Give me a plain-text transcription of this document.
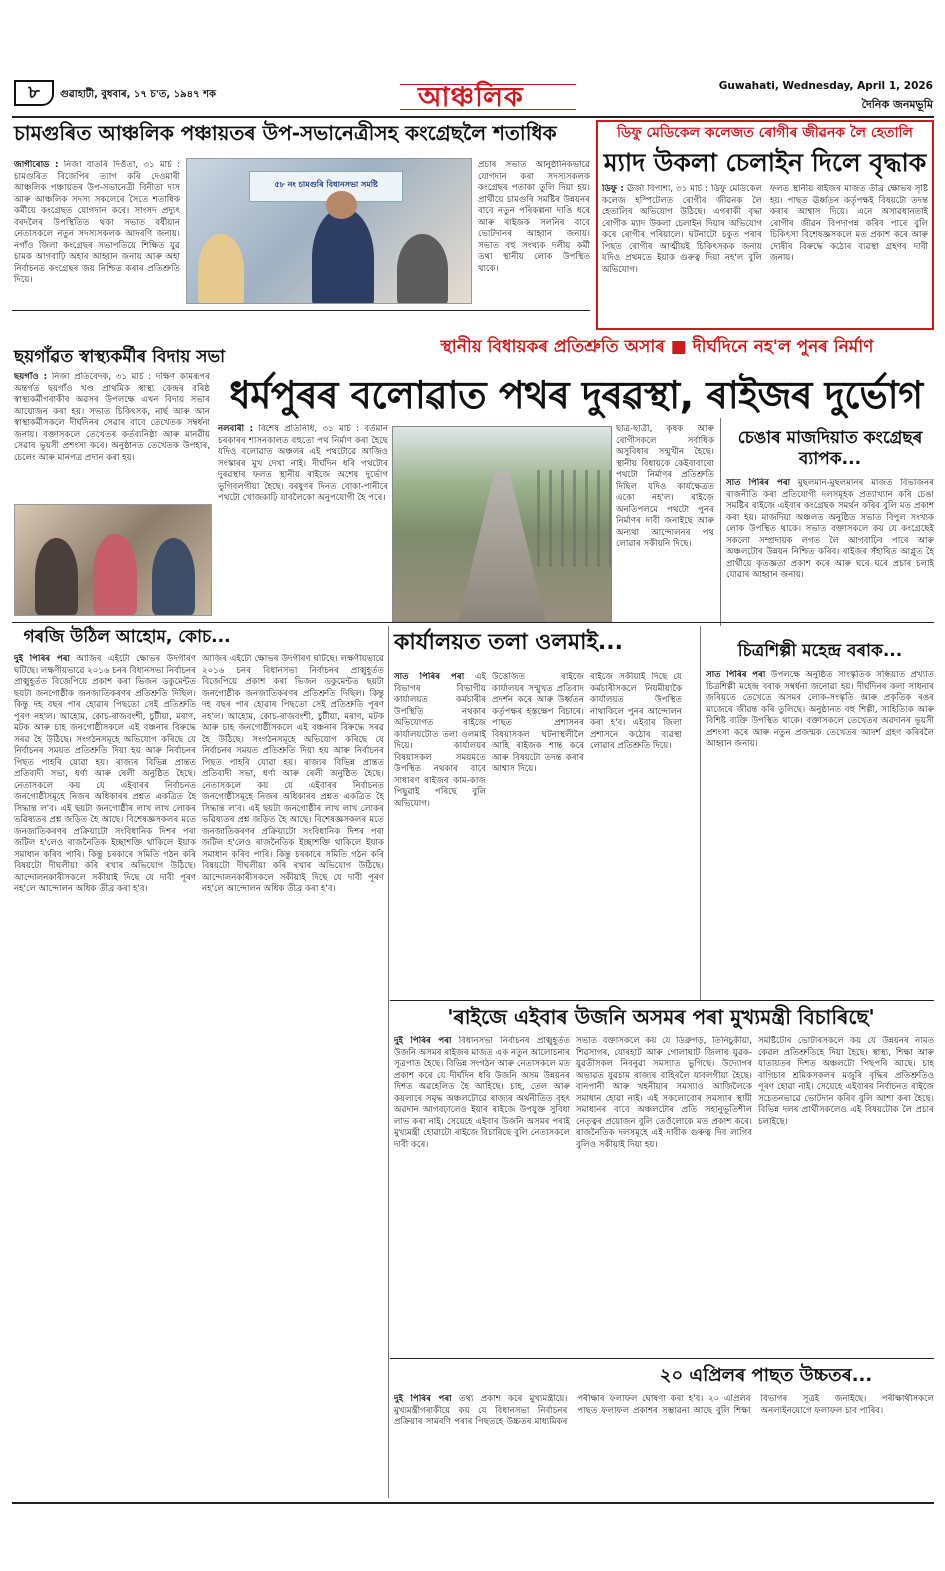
৮	গুৱাহাটী, বুধবাৰ, ১৭ চ'ত, ১৯৪৭ শক	আঞ্চলিক	Guwahati, Wednesday, April 1, 2026
দৈনিক জনমভূমি
চামগুৰিত আঞ্চলিক পঞ্চায়তৰ উপ-সভানেত্ৰীসহ কংগ্ৰেছলৈ শতাধিক
জাগীৰোড : নিজা বাতৰি দিওঁতা, ৩১ মাৰ্চ : চামগুৰিত বিজেপিৰ ত্যাগ কৰি দেওমাৰী আঞ্চলিক পঞ্চায়তৰ উপ-সভানেত্ৰী বিনীতা দাস আৰু আঞ্চলিক সদস্য সকলেৰে সৈতে শতাধিক কৰ্মীয়ে কংগ্ৰেছত যোগদান কৰে। সাংসদ প্ৰদ্যুৎ বৰদলৈৰ উপস্থিতিত থকা সভাত বৰ্ষীয়ান নেতাসকলে নতুন সদস্যসকলক আদৰণি জনায়। নগাঁও জিলা কংগ্ৰেছৰ সভাপতিয়ে শিক্ষিত যুৱ চামক আগবাঢ়ি অহাৰ আহ্বান জনায় আৰু অহা নিৰ্বাচনত কংগ্ৰেছৰ জয় নিশ্চিত কৰাৰ প্ৰতিশ্ৰুতি দিয়ে।
৫৮ নং চামগুৰি বিধানসভা সমষ্টি
প্ৰচাৰ সভাত আনুষ্ঠানিকভাৱে যোগদান কৰা সদস্যসকলক কংগ্ৰেছৰ পতাকা তুলি দিয়া হয়। প্ৰাৰ্থীয়ে চামগুৰি সমষ্টিৰ উন্নয়নৰ বাবে নতুন পৰিকল্পনা দাঙি ধৰে আৰু ৰাইজক সলনিৰ বাবে ভোটদানৰ আহ্বান জনায়। সভাত বহু সংখ্যক দলীয় কৰ্মী তথা স্থানীয় লোক উপস্থিত থাকে।
ডিফু মেডিকেল কলেজত ৰোগীৰ জীৱনক লৈ হেতালি
ম্যাদ উকলা চেলাইন দিলে বৃদ্ধাক
ডিফু : ঊৰ্জা বিপাশা, ৩১ মাৰ্চ : ডিফু মেডিকেল কলেজ হস্পিটেলত ৰোগীৰ জীৱনক লৈ হেতালিৰ অভিযোগ উঠিছে। এগৰাকী বৃদ্ধা ৰোগীক ম্যাদ উকলা চেলাইন দিয়াৰ অভিযোগ কৰে ৰোগীৰ পৰিয়ালে। ঘটনাটো চকুত পৰাৰ পিছত ৰোগীৰ আত্মীয়ই চিকিৎসকক জনায় যদিও প্ৰথমতে ইয়াক গুৰুত্ব দিয়া নহ'ল বুলি অভিযোগ।
ফলত স্থানীয় ৰাইজৰ মাজত তীব্ৰ ক্ষোভৰ সৃষ্টি হয়। পাছত ঊৰ্ধ্বতন কৰ্তৃপক্ষই বিষয়টো তদন্ত কৰাৰ আশ্বাস দিয়ে। এনে অসাৱধানতাই ৰোগীৰ জীৱন বিপদাপন্ন কৰিব পাৰে বুলি চিকিৎসা বিশেষজ্ঞসকলে মত প্ৰকাশ কৰে আৰু দোষীৰ বিৰুদ্ধে কঠোৰ ব্যৱস্থা গ্ৰহণৰ দাবী জনায়।
স্থানীয় বিধায়কৰ প্ৰতিশ্ৰুতি অসাৰ ■ দীৰ্ঘদিনে নহ'ল পুনৰ নিৰ্মাণ
ধৰ্মপুৰৰ বলোৱাত পথৰ দুৰৱস্থা, ৰাইজৰ দুৰ্ভোগ
নলবাৰী : বিশেষ প্ৰতিনিধি, ৩১ মাৰ্চ : বৰ্তমান চৰকাৰৰ শাসনকালত বহুতো পথ নিৰ্মাণ কৰা হৈছে যদিও বলোৱাত অঞ্চলৰ এই পথটোৱে আজিও সংস্কাৰৰ মুখ দেখা নাই। দীৰ্ঘদিন ধৰি পথটোৰ দুৰৱস্থাৰ ফলত স্থানীয় ৰাইজে অশেষ দুৰ্ভোগ ভুগিবলগীয়া হৈছে। বৰষুণৰ দিনত বোকা-পানীৰে পথটো খোজকাঢ়ি যাবলৈকো অনুপযোগী হৈ পৰে।
ছাত্ৰ-ছাত্ৰী, কৃষক আৰু ৰোগীসকলে সৰ্বাধিক অসুবিধাৰ সন্মুখীন হৈছে। স্থানীয় বিধায়কে কেইবাবাৰো পথটো নিৰ্মাণৰ প্ৰতিশ্ৰুতি দিছিল যদিও কাৰ্যক্ষেত্ৰত একো নহ'ল। ৰাইজে অনতিপলমে পথটো পুনৰ নিৰ্মাণৰ দাবী জনাইছে আৰু অন্যথা আন্দোলনৰ পথ লোৱাৰ সকীয়নি দিছে।
চেঙাৰ মাজদিয়াত কংগ্ৰেছৰ ব্যাপক...
সাত পিৰিৰ পৰা মুছলমান-মুছলমানৰ মাজত বিভাজনৰ ৰাজনীতি কৰা প্ৰতিযোগী দলসমূহক প্ৰত্যাখ্যান কৰি চেঙা সমষ্টিৰ ৰাইজে এইবাৰ কংগ্ৰেছক সমৰ্থন কৰিব বুলি মত প্ৰকাশ কৰা হয়। মাজদিয়া অঞ্চলত অনুষ্ঠিত সভাত বিপুল সংখ্যক লোক উপস্থিত থাকে। সভাত বক্তাসকলে কয় যে কংগ্ৰেছেই সকলো সম্প্ৰদায়ক লগত লৈ আগবাঢ়িব পাৰে আৰু অঞ্চলটোৰ উন্নয়ন নিশ্চিত কৰিব। ৰাইজৰ সঁহাৰিত আপ্লুত হৈ প্ৰাৰ্থীয়ে কৃতজ্ঞতা প্ৰকাশ কৰে আৰু ঘৰে ঘৰে প্ৰচাৰ চলাই যোৱাৰ আহ্বান জনায়।
ছয়গাঁৱত স্বাস্থ্যকৰ্মীৰ বিদায় সভা
ছয়গাঁও : নিজা প্ৰতিবেদক, ৩১ মাৰ্চ : দক্ষিণ কামৰূপৰ অন্তৰ্গত ছয়গাঁও খণ্ড প্ৰাথমিক স্বাস্থ্য কেন্দ্ৰৰ বৰিষ্ঠ স্বাস্থ্যকৰ্মীগৰাকীৰ অৱসৰ উপলক্ষে এখন বিদায় সভাৰ আয়োজন কৰা হয়। সভাত চিকিৎসক, নাৰ্ছ আৰু আন স্বাস্থ্যকৰ্মীসকলে দীৰ্ঘদিনৰ সেৱাৰ বাবে তেখেতক সম্বৰ্ধনা জনায়। বক্তাসকলে তেখেতৰ কৰ্তব্যনিষ্ঠা আৰু মানৱীয় সেৱাৰ ভূয়সী প্ৰশংসা কৰে। অনুষ্ঠানত তেখেতক উপহাৰ, চেলেং আৰু মানপত্ৰ প্ৰদান কৰা হয়।
গৰজি উঠিল আহোম, কোচ...
দুই পিৰিৰ পৰা আজিৰ এইটো ক্ষোভৰ উদগীৰণ ঘটিছে। লক্ষণীয়ভাৱে ২০১৬ চনৰ বিধানসভা নিৰ্বাচনৰ প্ৰাক্মুহূৰ্তত বিজেপিয়ে প্ৰকাশ কৰা ভিজন ডকুমেন্টত ছয়টা জনগোষ্ঠীক জনজাতিকৰণৰ প্ৰতিশ্ৰুতি দিছিল। কিন্তু দহ বছৰ পাৰ হোৱাৰ পিছতো সেই প্ৰতিশ্ৰুতি পূৰণ নহ'ল। আহোম, কোচ-ৰাজবংশী, চুটীয়া, মৰাণ, মটক আৰু চাহ জনগোষ্ঠীসকলে এই বঞ্চনাৰ বিৰুদ্ধে সৰৱ হৈ উঠিছে। সংগঠনসমূহে অভিযোগ কৰিছে যে নিৰ্বাচনৰ সময়ত প্ৰতিশ্ৰুতি দিয়া হয় আৰু নিৰ্বাচনৰ পিছত পাহৰি যোৱা হয়। ৰাজ্যৰ বিভিন্ন প্ৰান্তত প্ৰতিবাদী সভা, ধৰ্ণা আৰু ৰেলী অনুষ্ঠিত হৈছে। নেতাসকলে কয় যে এইবাৰৰ নিৰ্বাচনত জনগোষ্ঠীসমূহে নিজৰ অধিকাৰৰ প্ৰশ্নত একত্ৰিত হৈ সিদ্ধান্ত ল'ব। এই ছয়টা জনগোষ্ঠীৰ লাখ লাখ লোকৰ ভৱিষ্যতৰ প্ৰশ্ন জড়িত হৈ আছে। বিশেষজ্ঞসকলৰ মতে জনজাতিকৰণৰ প্ৰক্ৰিয়াটো সংবিধানিক দিশৰ পৰা জটিল হ'লেও ৰাজনৈতিক ইচ্ছাশক্তি থাকিলে ইয়াক সমাধান কৰিব পাৰি। কিন্তু চৰকাৰে সমিতি গঠন কৰি বিষয়টো দীঘলীয়া কৰি ৰখাৰ অভিযোগ উঠিছে। আন্দোলনকাৰীসকলে সকীয়াই দিছে যে দাবী পূৰণ নহ'লে আন্দোলন অধিক তীব্ৰ কৰা হ'ব।
আজিৰ এইটো ক্ষোভৰ উদগীৰণ ঘটিছে। লক্ষণীয়ভাৱে ২০১৬ চনৰ বিধানসভা নিৰ্বাচনৰ প্ৰাক্মুহূৰ্তত বিজেপিয়ে প্ৰকাশ কৰা ভিজন ডকুমেন্টত ছয়টা জনগোষ্ঠীক জনজাতিকৰণৰ প্ৰতিশ্ৰুতি দিছিল। কিন্তু দহ বছৰ পাৰ হোৱাৰ পিছতো সেই প্ৰতিশ্ৰুতি পূৰণ নহ'ল। আহোম, কোচ-ৰাজবংশী, চুটীয়া, মৰাণ, মটক আৰু চাহ জনগোষ্ঠীসকলে এই বঞ্চনাৰ বিৰুদ্ধে সৰৱ হৈ উঠিছে। সংগঠনসমূহে অভিযোগ কৰিছে যে নিৰ্বাচনৰ সময়ত প্ৰতিশ্ৰুতি দিয়া হয় আৰু নিৰ্বাচনৰ পিছত পাহৰি যোৱা হয়। ৰাজ্যৰ বিভিন্ন প্ৰান্তত প্ৰতিবাদী সভা, ধৰ্ণা আৰু ৰেলী অনুষ্ঠিত হৈছে। নেতাসকলে কয় যে এইবাৰৰ নিৰ্বাচনত জনগোষ্ঠীসমূহে নিজৰ অধিকাৰৰ প্ৰশ্নত একত্ৰিত হৈ সিদ্ধান্ত ল'ব। এই ছয়টা জনগোষ্ঠীৰ লাখ লাখ লোকৰ ভৱিষ্যতৰ প্ৰশ্ন জড়িত হৈ আছে। বিশেষজ্ঞসকলৰ মতে জনজাতিকৰণৰ প্ৰক্ৰিয়াটো সংবিধানিক দিশৰ পৰা জটিল হ'লেও ৰাজনৈতিক ইচ্ছাশক্তি থাকিলে ইয়াক সমাধান কৰিব পাৰি। কিন্তু চৰকাৰে সমিতি গঠন কৰি বিষয়টো দীঘলীয়া কৰি ৰখাৰ অভিযোগ উঠিছে। আন্দোলনকাৰীসকলে সকীয়াই দিছে যে দাবী পূৰণ নহ'লে আন্দোলন অধিক তীব্ৰ কৰা হ'ব।
কাৰ্যালয়ত তলা ওলমাই...
সাত পিৰিৰ পৰা এই বিভাগৰ বিভাগীয় কাৰ্যালয়ত কৰ্মচাৰীৰ উপস্থিতি নথকাৰ অভিযোগত ৰাইজে কাৰ্যালয়টোত তলা ওলমাই দিয়ে। কাৰ্যালয়ৰ বিষয়াসকল সময়মতে উপস্থিত নথকাৰ বাবে সাধাৰণ ৰাইজৰ কাম-কাজ পিছুৱাই পৰিছে বুলি অভিযোগ।
উত্তেজিত ৰাইজে কাৰ্যালয়ৰ সন্মুখত প্ৰতিবাদ প্ৰদৰ্শন কৰে আৰু উৰ্ধ্বতন কৰ্তৃপক্ষৰ হস্তক্ষেপ বিচাৰে। পাছত প্ৰশাসনৰ বিষয়াসকল ঘটনাস্থলীলৈ আহি ৰাইজক শান্ত কৰে আৰু বিষয়টো তদন্ত কৰাৰ আশ্বাস দিয়ে।
ৰাইজে সকীয়াই দিছে যে কৰ্মচাৰীসকলে নিয়মীয়াকৈ কাৰ্যালয়ত উপস্থিত নাথাকিলে পুনৰ আন্দোলন কৰা হ'ব। এইবাৰ জিলা প্ৰশাসনে কঠোৰ ব্যৱস্থা লোৱাৰ প্ৰতিশ্ৰুতি দিয়ে।
চিত্ৰশিল্পী মহেন্দ্ৰ বৰাক...
সাত পিৰিৰ পৰা উপলক্ষে অনুষ্ঠিত সাংস্কৃতিক সন্ধিয়াত প্ৰখ্যাত চিত্ৰশিল্পী মহেন্দ্ৰ বৰাক সম্বৰ্ধনা জনোৱা হয়। দীৰ্ঘদিনৰ কলা সাধনাৰ জৰিয়তে তেখেতে অসমৰ লোক-সংস্কৃতি আৰু প্ৰকৃতিক ৰঙৰ মাজেৰে জীৱন্ত কৰি তুলিছে। অনুষ্ঠানত বহু শিল্পী, সাহিত্যিক আৰু বিশিষ্ট ব্যক্তি উপস্থিত থাকে। বক্তাসকলে তেখেতৰ অৱদানৰ ভূয়সী প্ৰশংসা কৰে আৰু নতুন প্ৰজন্মক তেখেতৰ আদৰ্শ গ্ৰহণ কৰিবলৈ আহ্বান জনায়।
'ৰাইজে এইবাৰ উজনি অসমৰ পৰা মুখ্যমন্ত্ৰী বিচাৰিছে'
দুই পিৰিৰ পৰা বিধানসভা নিৰ্বাচনৰ প্ৰাক্মুহূৰ্তত উজনি অসমৰ ৰাইজৰ মাজত এক নতুন আলোচনাৰ সূত্ৰপাত হৈছে। বিভিন্ন সংগঠন আৰু নেতাসকলে মত প্ৰকাশ কৰে যে দীৰ্ঘদিন ধৰি উজনি অসম উন্নয়নৰ দিশত অৱহেলিত হৈ আহিছে। চাহ, তেল আৰু কয়লাৰে সমৃদ্ধ অঞ্চলটোৱে ৰাজ্যৰ অৰ্থনীতিত বৃহৎ অৱদান আগবঢ়ালেও ইয়াৰ ৰাইজে উপযুক্ত সুবিধা লাভ কৰা নাই। সেয়েহে এইবাৰ উজনি অসমৰ পৰাই মুখ্যমন্ত্ৰী হোৱাটো ৰাইজে বিচাৰিছে বুলি নেতাসকলে দাবী কৰে।
সভাত বক্তাসকলে কয় যে ডিব্ৰুগড়, তিনিচুকীয়া, শিৱসাগৰ, যোৰহাট আৰু গোলাঘাট জিলাৰ যুৱক-যুৱতীসকল নিবনুৱা সমস্যাত ভুগিছে। উদ্যোগৰ অভাৱত যুৱচাম ৰাজ্যৰ বাহিৰলৈ যাবলগীয়া হৈছে। বানপানী আৰু খহনীয়াৰ সমস্যাও আজিলৈকে সমাধান হোৱা নাই। এই সকলোবোৰ সমস্যাৰ স্থায়ী সমাধানৰ বাবে অঞ্চলটোৰ প্ৰতি সহানুভূতিশীল নেতৃত্বৰ প্ৰয়োজন বুলি তেওঁলোকে মত প্ৰকাশ কৰে। ৰাজনৈতিক দলসমূহে এই দাবীক গুৰুত্ব দিব লাগিব বুলিও সকীয়াই দিয়া হয়।
সমষ্টিটোৰ ভোটাৰসকলে কয় যে উন্নয়নৰ নামত কেৱল প্ৰতিশ্ৰুতিহে দিয়া হৈছে। স্বাস্থ্য, শিক্ষা আৰু যাতায়তৰ দিশত অঞ্চলটো পিছপৰি আছে। চাহ বাগিচাৰ শ্ৰমিকসকলৰ মজুৰি বৃদ্ধিৰ প্ৰতিশ্ৰুতিও পূৰণ হোৱা নাই। সেয়েহে এইবাৰৰ নিৰ্বাচনত ৰাইজে সচেতনভাৱে ভোটদান কৰিব বুলি আশা কৰা হৈছে। বিভিন্ন দলৰ প্ৰাৰ্থীসকলেও এই বিষয়টোক লৈ প্ৰচাৰ চলাইছে।
২০ এপ্ৰিলৰ পাছত উচ্চতৰ...
দুই পিৰিৰ পৰা তথ্য প্ৰকাশ কৰে মুখ্যমন্ত্ৰীয়ে। মুখ্যমন্ত্ৰীগৰাকীয়ে কয় যে বিধানসভা নিৰ্বাচনৰ প্ৰক্ৰিয়াৰ সামৰণি পৰাৰ পিছতহে উচ্চতৰ মাধ্যমিকৰ পৰীক্ষাৰ ফলাফল ঘোষণা কৰা হ'ব। ২০ এপ্ৰিলৰ পাছত ফলাফল প্ৰকাশৰ সম্ভাৱনা আছে বুলি শিক্ষা বিভাগৰ সূত্ৰই জনাইছে। পৰীক্ষাৰ্থীসকলে অনলাইনযোগে ফলাফল চাব পাৰিব।
